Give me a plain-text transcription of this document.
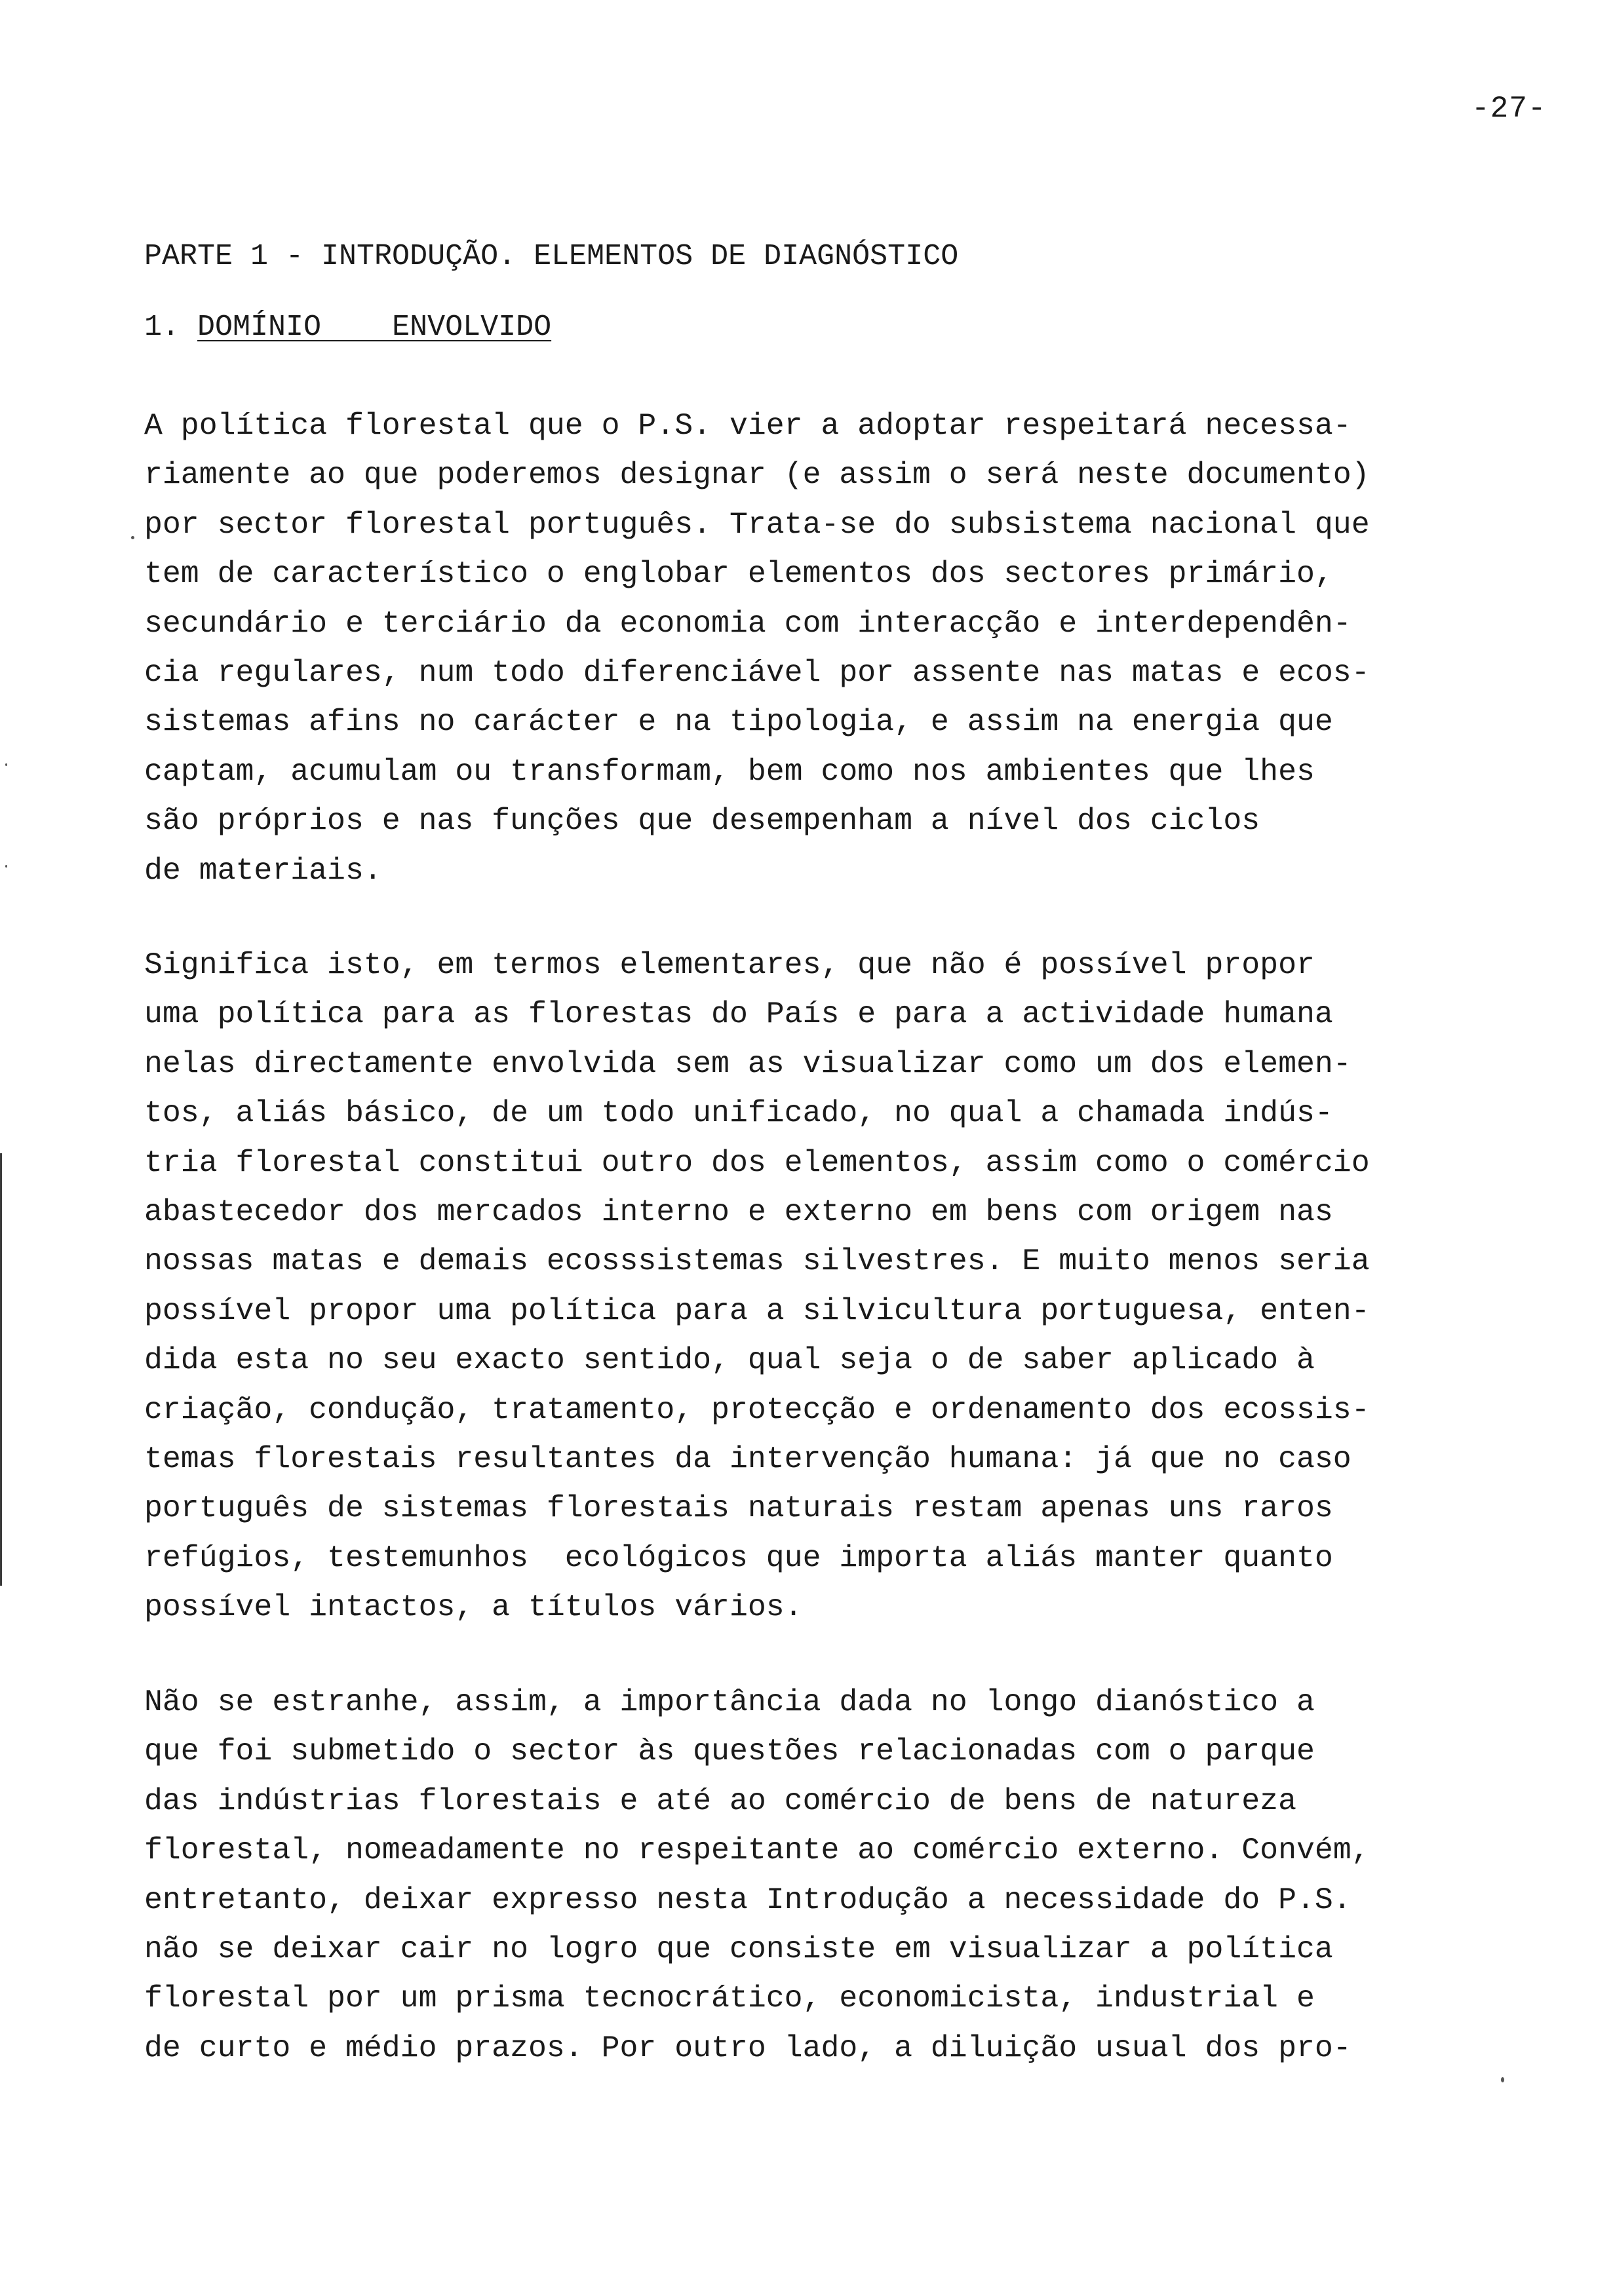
-27-
PARTE 1 - INTRODUÇÃO. ELEMENTOS DE DIAGNÓSTICO
1. DOMÍNIO    ENVOLVIDO
A política florestal que o P.S. vier a adoptar respeitará necessa-
riamente ao que poderemos designar (e assim o será neste documento)
por sector florestal português. Trata-se do subsistema nacional que
tem de característico o englobar elementos dos sectores primário,
secundário e terciário da economia com interacção e interdependên-
cia regulares, num todo diferenciável por assente nas matas e ecos-
sistemas afins no carácter e na tipologia, e assim na energia que
captam, acumulam ou transformam, bem como nos ambientes que lhes
são próprios e nas funções que desempenham a nível dos ciclos
de materiais.
Significa isto, em termos elementares, que não é possível propor
uma política para as florestas do País e para a actividade humana
nelas directamente envolvida sem as visualizar como um dos elemen-
tos, aliás básico, de um todo unificado, no qual a chamada indús-
tria florestal constitui outro dos elementos, assim como o comércio
abastecedor dos mercados interno e externo em bens com origem nas
nossas matas e demais ecosssistemas silvestres. E muito menos seria
possível propor uma política para a silvicultura portuguesa, enten-
dida esta no seu exacto sentido, qual seja o de saber aplicado à
criação, condução, tratamento, protecção e ordenamento dos ecossis-
temas florestais resultantes da intervenção humana: já que no caso
português de sistemas florestais naturais restam apenas uns raros
refúgios, testemunhos  ecológicos que importa aliás manter quanto
possível intactos, a títulos vários.
Não se estranhe, assim, a importância dada no longo dianóstico a
que foi submetido o sector às questões relacionadas com o parque
das indústrias florestais e até ao comércio de bens de natureza
florestal, nomeadamente no respeitante ao comércio externo. Convém,
entretanto, deixar expresso nesta Introdução a necessidade do P.S.
não se deixar cair no logro que consiste em visualizar a política
florestal por um prisma tecnocrático, economicista, industrial e
de curto e médio prazos. Por outro lado, a diluição usual dos pro-
